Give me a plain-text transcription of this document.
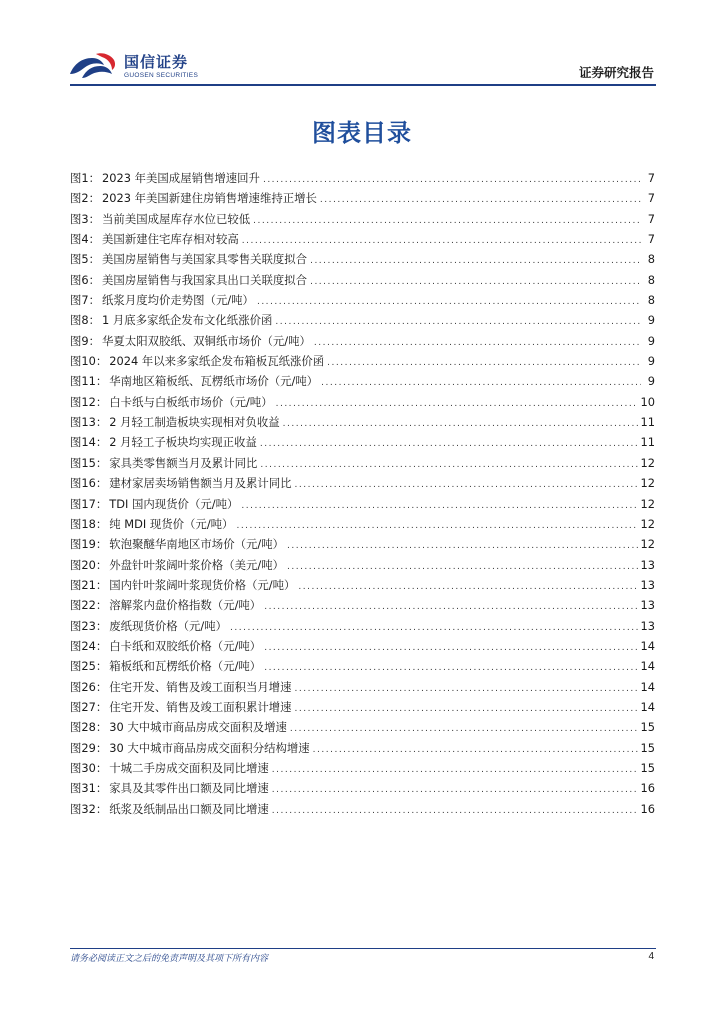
国信证券
GUOSEN SECURITIES	证券研究报告
图表目录
图1： 2023 年美国成屋销售增速回升 .....	7
图2： 2023 年美国新建住房销售增速维持正增长 .....	7
图3： 当前美国成屋库存水位已较低 .....	7
图4： 美国新建住宅库存相对较高 .....	7
图5： 美国房屋销售与美国家具零售关联度拟合 .....	8
图6： 美国房屋销售与我国家具出口关联度拟合 .....	8
图7： 纸浆月度均价走势图（元/吨） .....	8
图8： 1 月底多家纸企发布文化纸涨价函 .....	9
图9： 华夏太阳双胶纸、双铜纸市场价（元/吨） .....	9
图10： 2024 年以来多家纸企发布箱板瓦纸涨价函 .....	9
图11： 华南地区箱板纸、瓦楞纸市场价（元/吨） .....	9
图12： 白卡纸与白板纸市场价（元/吨） .....	10
图13： 2 月轻工制造板块实现相对负收益 .....	11
图14： 2 月轻工子板块均实现正收益 .....	11
图15： 家具类零售额当月及累计同比 .....	12
图16： 建材家居卖场销售额当月及累计同比 .....	12
图17： TDI 国内现货价（元/吨） .....	12
图18： 纯 MDI 现货价（元/吨） .....	12
图19： 软泡聚醚华南地区市场价（元/吨） .....	12
图20： 外盘针叶浆阔叶浆价格（美元/吨） .....	13
图21： 国内针叶浆阔叶浆现货价格（元/吨） .....	13
图22： 溶解浆内盘价格指数（元/吨） .....	13
图23： 废纸现货价格（元/吨） .....	13
图24： 白卡纸和双胶纸价格（元/吨） .....	14
图25： 箱板纸和瓦楞纸价格（元/吨） .....	14
图26： 住宅开发、销售及竣工面积当月增速 .....	14
图27： 住宅开发、销售及竣工面积累计增速 .....	14
图28： 30 大中城市商品房成交面积及增速 .....	15
图29： 30 大中城市商品房成交面积分结构增速 .....	15
图30： 十城二手房成交面积及同比增速 .....	15
图31： 家具及其零件出口额及同比增速 .....	16
图32： 纸浆及纸制品出口额及同比增速 .....	16
请务必阅读正文之后的免责声明及其项下所有内容	4
